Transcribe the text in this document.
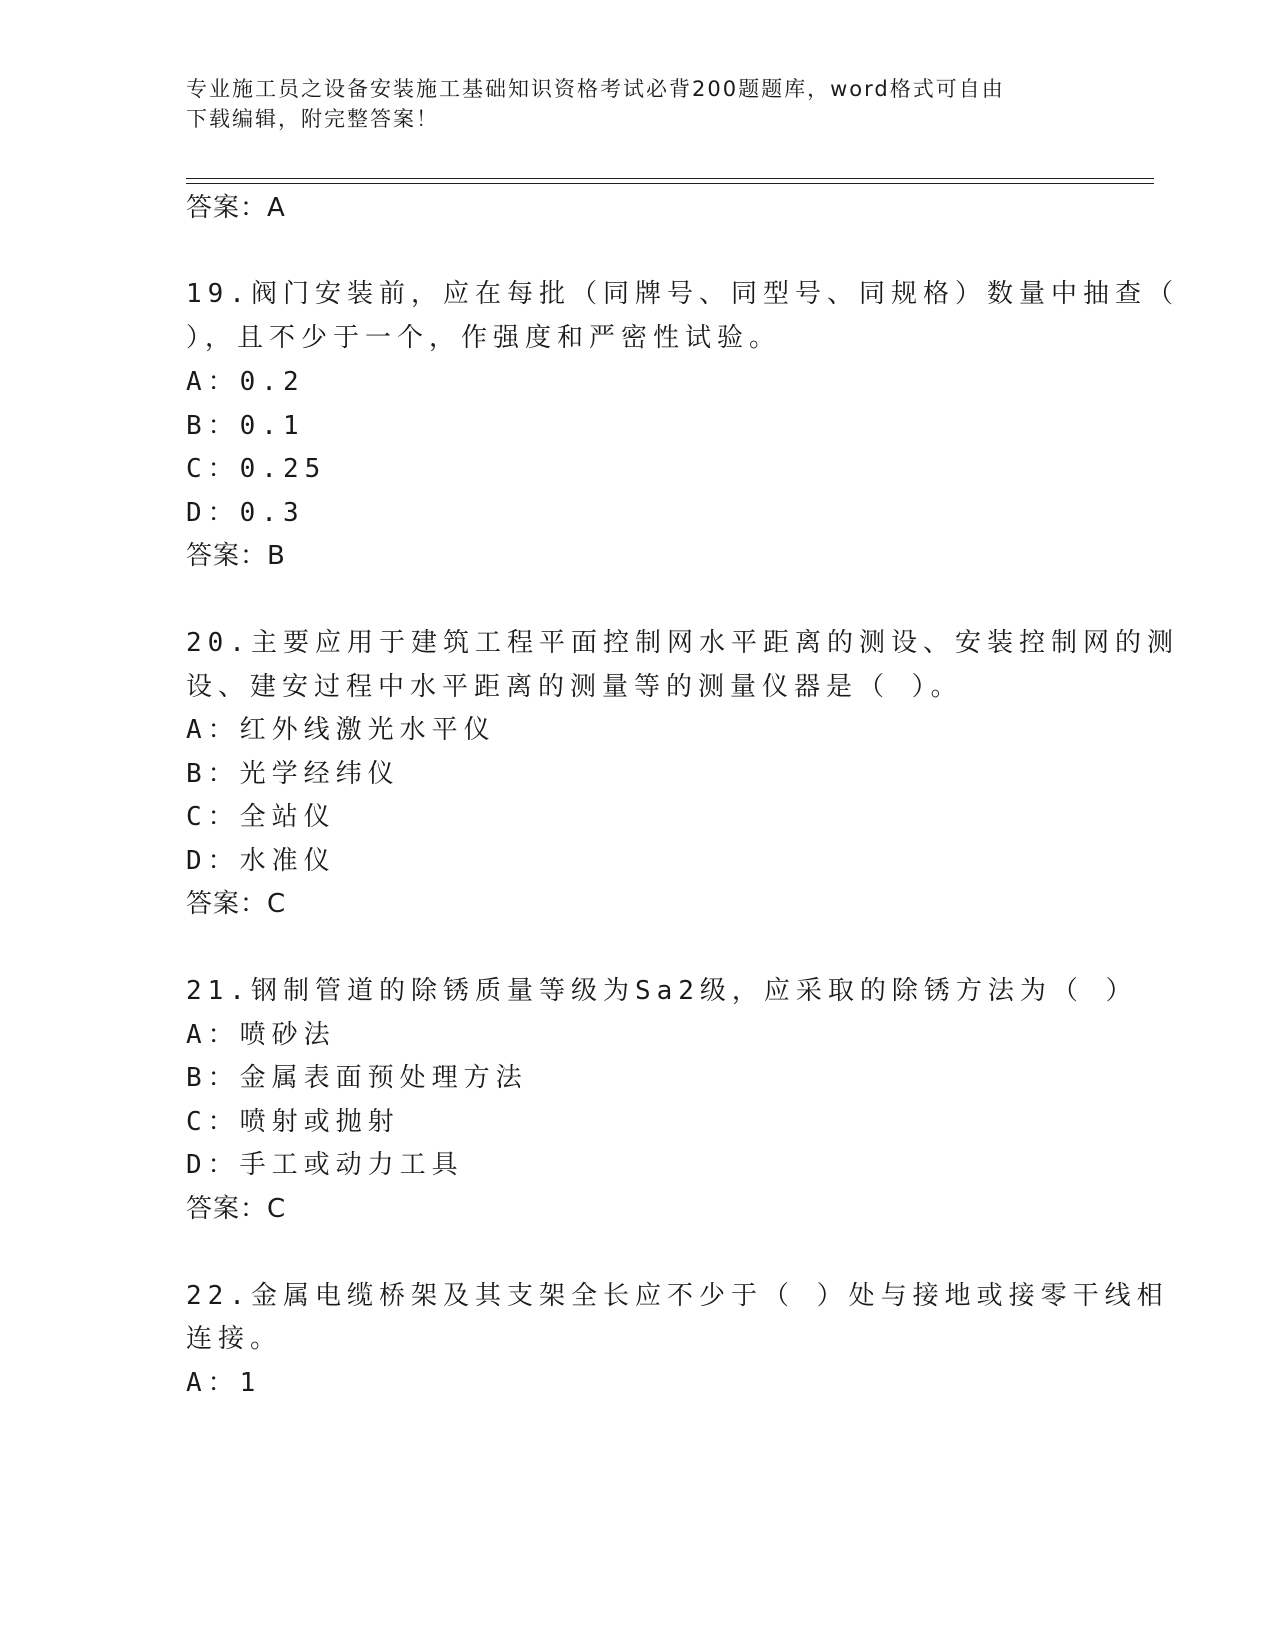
专业施工员之设备安装施工基础知识资格考试必背200题题库，word格式可自由
下载编辑，附完整答案！
答案：A
19.阀门安装前，应在每批（同牌号、同型号、同规格）数量中抽查（
），且不少于一个，作强度和严密性试验。
A：0.2
B：0.1
C：0.25
D：0.3
答案：B
20.主要应用于建筑工程平面控制网水平距离的测设、安装控制网的测
设、建安过程中水平距离的测量等的测量仪器是（ ）。
A：红外线激光水平仪
B：光学经纬仪
C：全站仪
D：水准仪
答案：C
21.钢制管道的除锈质量等级为Sa2级，应采取的除锈方法为（ ）
A：喷砂法
B：金属表面预处理方法
C：喷射或抛射
D：手工或动力工具
答案：C
22.金属电缆桥架及其支架全长应不少于（ ）处与接地或接零干线相
连接。
A：1
